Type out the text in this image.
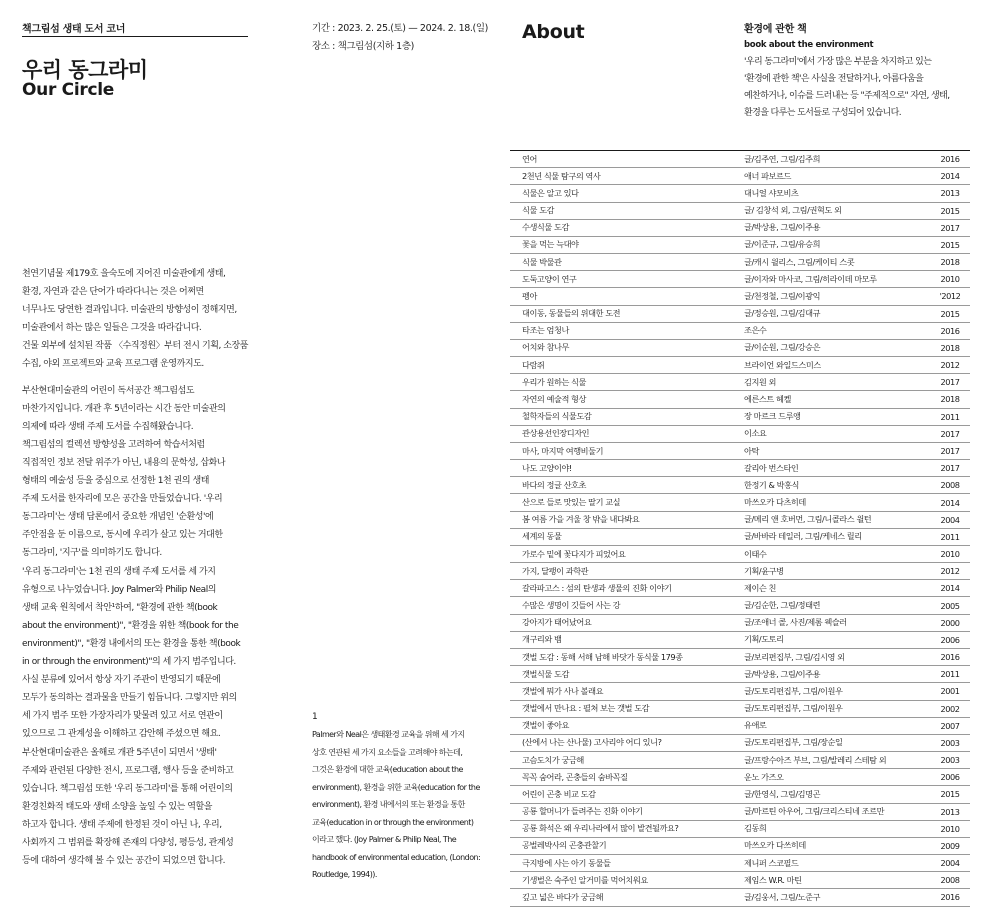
책그림섬 생태 도서 코너
우리 동그라미
Our Circle
기간 : 2023. 2. 25.(토) — 2024. 2. 18.(일)
장소 : 책그림섬(지하 1층)
천연기념물 제179호 을숙도에 지어진 미술관에게 생태,
환경, 자연과 같은 단어가 따라다니는 것은 어쩌면
너무나도 당연한 결과입니다. 미술관의 방향성이 정해지면,
미술관에서 하는 많은 일들은 그것을 따라갑니다.
건물 외부에 설치된 작품 〈수직정원〉부터 전시 기획, 소장품
수집, 야외 프로젝트와 교육 프로그램 운영까지도.
부산현대미술관의 어린이 독서공간 책그림섬도
마찬가지입니다. 개관 후 5년이라는 시간 동안 미술관의
의제에 따라 생태 주제 도서를 수집해왔습니다.
책그림섬의 컬렉션 방향성을 고려하여 학습서처럼
직접적인 정보 전달 위주가 아닌, 내용의 문학성, 삽화나
형태의 예술성 등을 중심으로 선정한 1천 권의 생태
주제 도서를 한자리에 모은 공간을 만들었습니다. '우리
동그라미'는 생태 담론에서 중요한 개념인 '순환성'에
주안점을 둔 이름으로, 동시에 우리가 살고 있는 거대한
동그라미, '지구'를 의미하기도 합니다.
'우리 동그라미'는 1천 권의 생태 주제 도서를 세 가지
유형으로 나누었습니다. Joy Palmer와 Philip Neal의
생태 교육 원칙에서 착안¹하여, "환경에 관한 책(book
about the environment)", "환경을 위한 책(book for the
environment)", "환경 내에서의 또는 환경을 통한 책(book
in or through the environment)"의 세 가지 범주입니다.
사실 분류에 있어서 항상 자기 주관이 반영되기 때문에
모두가 동의하는 결과물을 만들기 힘듭니다. 그렇지만 위의
세 가지 범주 또한 가장자리가 맞물려 있고 서로 연관이
있으므로 그 관계성을 이해하고 감안해 주셨으면 해요.
부산현대미술관은 올해로 개관 5주년이 되면서 '생태'
주제와 관련된 다양한 전시, 프로그램, 행사 등을 준비하고
있습니다. 책그림섬 또한 '우리 동그라미'를 통해 어린이의
환경친화적 태도와 생태 소양을 높일 수 있는 역할을
하고자 합니다. 생태 주제에 한정된 것이 아닌 나, 우리,
사회까지 그 범위를 확장해 존재의 다양성, 평등성, 관계성
등에 대하여 생각해 볼 수 있는 공간이 되었으면 합니다.
1
Palmer와 Neal은 생태환경 교육을 위해 세 가지
상호 연관된 세 가지 요소들을 고려해야 하는데,
그것은 환경에 대한 교육(education about the
environment), 환경을 위한 교육(education for the
environment), 환경 내에서의 또는 환경을 통한
교육(education in or through the environment)
이라고 했다. (Joy Palmer & Philip Neal, The
handbook of environmental education, (London:
Routledge, 1994)).
About	환경에 관한 책
book about the environment
'우리 동그라미'에서 가장 많은 부분을 차지하고 있는
'환경에 관한 책'은 사실을 전달하거나, 아름다움을
예찬하거나, 이슈를 드러내는 등 "주제적으로" 자연, 생태,
환경을 다루는 도서들로 구성되어 있습니다.
연어	글/김주연, 그림/김주희	2016
2천년 식물 탐구의 역사	애너 파보르드	2014
식물은 알고 있다	대니얼 샤모비츠	2013
식물 도감	글/ 김창석 외, 그림/권혁도 외	2015
수생식물 도감	글/박상용, 그림/이주용	2017
꽃을 먹는 늑대야	글/이준규, 그림/유승희	2015
식물 박물관	글/캐시 윌리스, 그림/케이티 스콧	2018
도둑고양이 연구	글/이자와 마사코, 그림/히라이데 마모루	2010
펭아	글/천정철, 그림/이광익	'2012
대이동, 동물들의 위대한 도전	글/정승원, 그림/김대규	2015
타조는 엄청나	조은수	2016
어치와 참나무	글/이순원, 그림/강승은	2018
다람쥐	브라이언 와일드스미스	2012
우리가 원하는 식물	김지원 외	2017
자연의 예술적 형상	에른스트 헤켈	2018
철학자들의 식물도감	장 마르크 드루앵	2011
관상용선인장디자인	이소요	2017
마사, 마지막 여행비둘기	아탁	2017
나도 고양이야!	갈리아 번스타인	2017
바다의 정글 산호초	한정기 & 박홍식	2008
산으로 들로 맛있는 딸기 교실	마쓰오카 다츠히데	2014
봄 여름 가을 겨울 창 밖을 내다봐요	글/메리 앤 호버먼, 그림/니콜라스 윌턴	2004
세계의 동물	글/바바라 테일러, 그림/케네스 릴리	2011
가로수 밑에 꽃다지가 피었어요	이태수	2010
가지, 달팽이 과학관	기획/윤구병	2012
갈라파고스 : 섬의 탄생과 생물의 진화 이야기	제이슨 친	2014
수많은 생명이 깃들어 사는 강	글/김순한, 그림/정태련	2005
강아지가 태어났어요	글/조애너 콜, 사진/제롬 웩슬러	2000
개구리와 뱀	기획/도토리	2006
갯벌 도감 : 동해 서해 남해 바닷가 동식물 179종	글/보리편집부, 그림/김시영 외	2016
갯벌식물 도감	글/박상용, 그림/이주용	2011
갯벌에 뭐가 사나 볼래요	글/도토리편집부, 그림/이원우	2001
갯벌에서 만나요 : 펼쳐 보는 갯벌 도감	글/도토리편집부, 그림/이원우	2002
갯벌이 좋아요	유애로	2007
(산에서 나는 산나물) 고사리야 어디 있니?	글/도토리편집부, 그림/장순일	2003
고슴도치가 궁금해	글/프랑수아즈 부브, 그림/발레리 스테탐 외	2003
꼭꼭 숨어라, 곤충들의 숨바꼭질	운노 가즈오	2006
어린이 곤충 비교 도감	글/한영식, 그림/김명곤	2015
공룡 할머니가 들려주는 진화 이야기	글/마르틴 아우어, 그림/크리스티네 조르만	2013
공룡 화석은 왜 우리나라에서 많이 발견될까요?	김동희	2010
공벌레박사의 곤충관찰기	마쓰오카 다쓰히데	2009
극지방에 사는 아기 동물들	제니퍼 스코필드	2004
기생벌은 숙주인 알거미를 먹어치워요	제임스 W.R. 마틴	2008
깊고 넓은 바다가 궁금해	글/김웅서, 그림/노준구	2016
